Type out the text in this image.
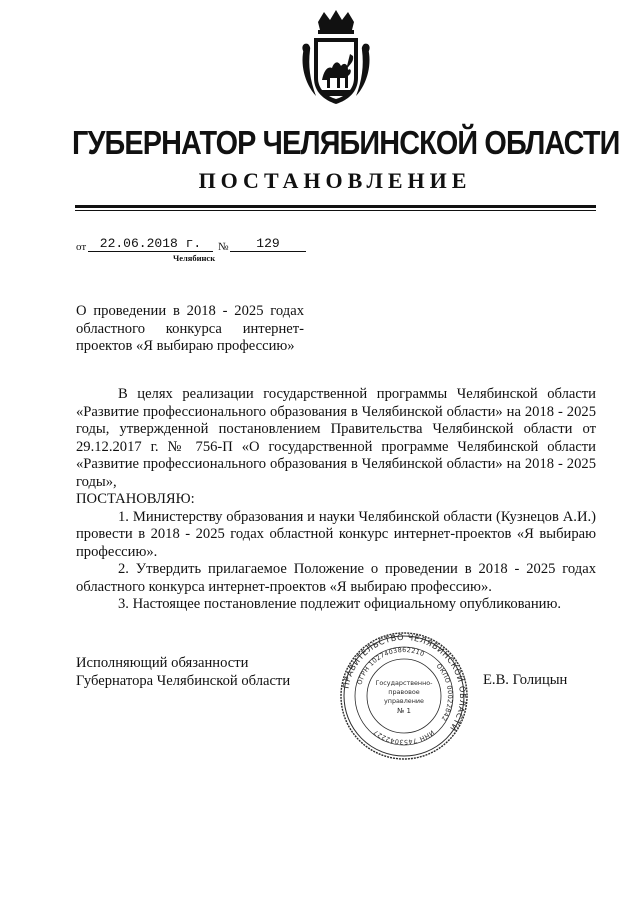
ГУБЕРНАТОР ЧЕЛЯБИНСКОЙ ОБЛАСТИ
ПОСТАНОВЛЕНИЕ
от	22.06.2018 г.	№	129
Челябинск
О проведении в 2018 - 2025 годах областного конкурса интернет-проектов «Я выбираю профессию»

В целях реализации государственной программы Челябинской области «Развитие профессионального образования в Челябинской области» на 2018 - 2025 годы, утвержденной постановлением Правительства Челябинской области от 29.12.2017 г. № 756-П «О государственной программе Челябинской области «Развитие профессионального образования в Челябинской области» на 2018 - 2025 годы»,

ПОСТАНОВЛЯЮ:

1. Министерству образования и науки Челябинской области (Кузнецов А.И.) провести в 2018 - 2025 годах областной конкурс интернет-проектов «Я выбираю профессию».

2. Утвердить прилагаемое Положение о проведении в 2018 - 2025 годах областного конкурса интернет-проектов «Я выбираю профессию».

3. Настоящее постановление подлежит официальному опубликованию.

Исполняющий обязанности
Губернатора Челябинской области	Е.В. Голицын
ПРАВИТЕЛЬСТВО ЧЕЛЯБИНСКОЙ ОБЛАСТИ
ОГРН 1027403862210
ОКПО 00022842
ИНН 7453042227
Государственно-
правовое
управление
№ 1
